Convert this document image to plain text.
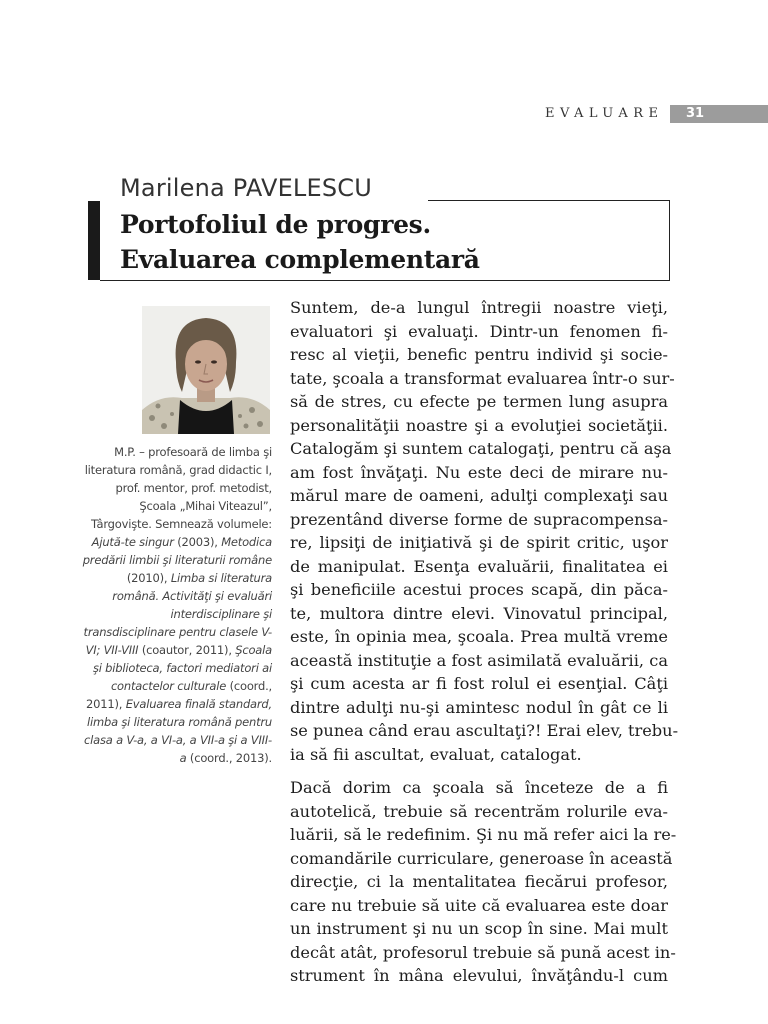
EVALUARE 31
Marilena PAVELESCU
Portofoliul de progres.
Evaluarea complementară

M.P. – profesoară de limba şi literatura română, grad didactic I, prof. mentor, prof. metodist, Şcoala „Mihai Viteazul”, Târgovişte. Semnează volumele: Ajută-te singur (2003), Metodica predării limbii şi literaturii române (2010), Limba si literatura română. Activităţi şi evaluări interdisciplinare şi transdisciplinare pentru clasele V-VI; VII-VIII (coautor, 2011), Şcoala şi biblioteca, factori mediatori ai contactelor culturale (coord., 2011), Evaluarea finală standard, limba şi literatura română pentru clasa a V-a, a VI-a, a VII-a şi a VIII-a (coord., 2013).

Suntem, de-a lungul întregii noastre vieţi,
evaluatori şi evaluaţi. Dintr-un fenomen fi-
resc al vieţii, benefic pentru individ şi socie-
tate, şcoala a transformat evaluarea într-o sur-
să de stres, cu efecte pe termen lung asupra
personalităţii noastre şi a evoluţiei societăţii.
Catalogăm şi suntem catalogaţi, pentru că aşa
am fost învăţaţi. Nu este deci de mirare nu-
mărul mare de oameni, adulţi complexaţi sau
prezentând diverse forme de supracompensa-
re, lipsiţi de iniţiativă şi de spirit critic, uşor
de manipulat. Esenţa evaluării, finalitatea ei
şi beneficiile acestui proces scapă, din păca-
te, multora dintre elevi. Vinovatul principal,
este, în opinia mea, şcoala. Prea multă vreme
această instituţie a fost asimilată evaluării, ca
şi cum acesta ar fi fost rolul ei esenţial. Câţi
dintre adulţi nu-şi amintesc nodul în gât ce li
se punea când erau ascultaţi?! Erai elev, trebu-
ia să fii ascultat, evaluat, catalogat.

Dacă dorim ca şcoala să înceteze de a fi
autotelică, trebuie să recentrăm rolurile eva-
luării, să le redefinim. Şi nu mă refer aici la re-
comandările curriculare, generoase în această
direcţie, ci la mentalitatea fiecărui profesor,
care nu trebuie să uite că evaluarea este doar
un instrument şi nu un scop în sine. Mai mult
decât atât, profesorul trebuie să pună acest in-
strument în mâna elevului, învăţându-l cum
